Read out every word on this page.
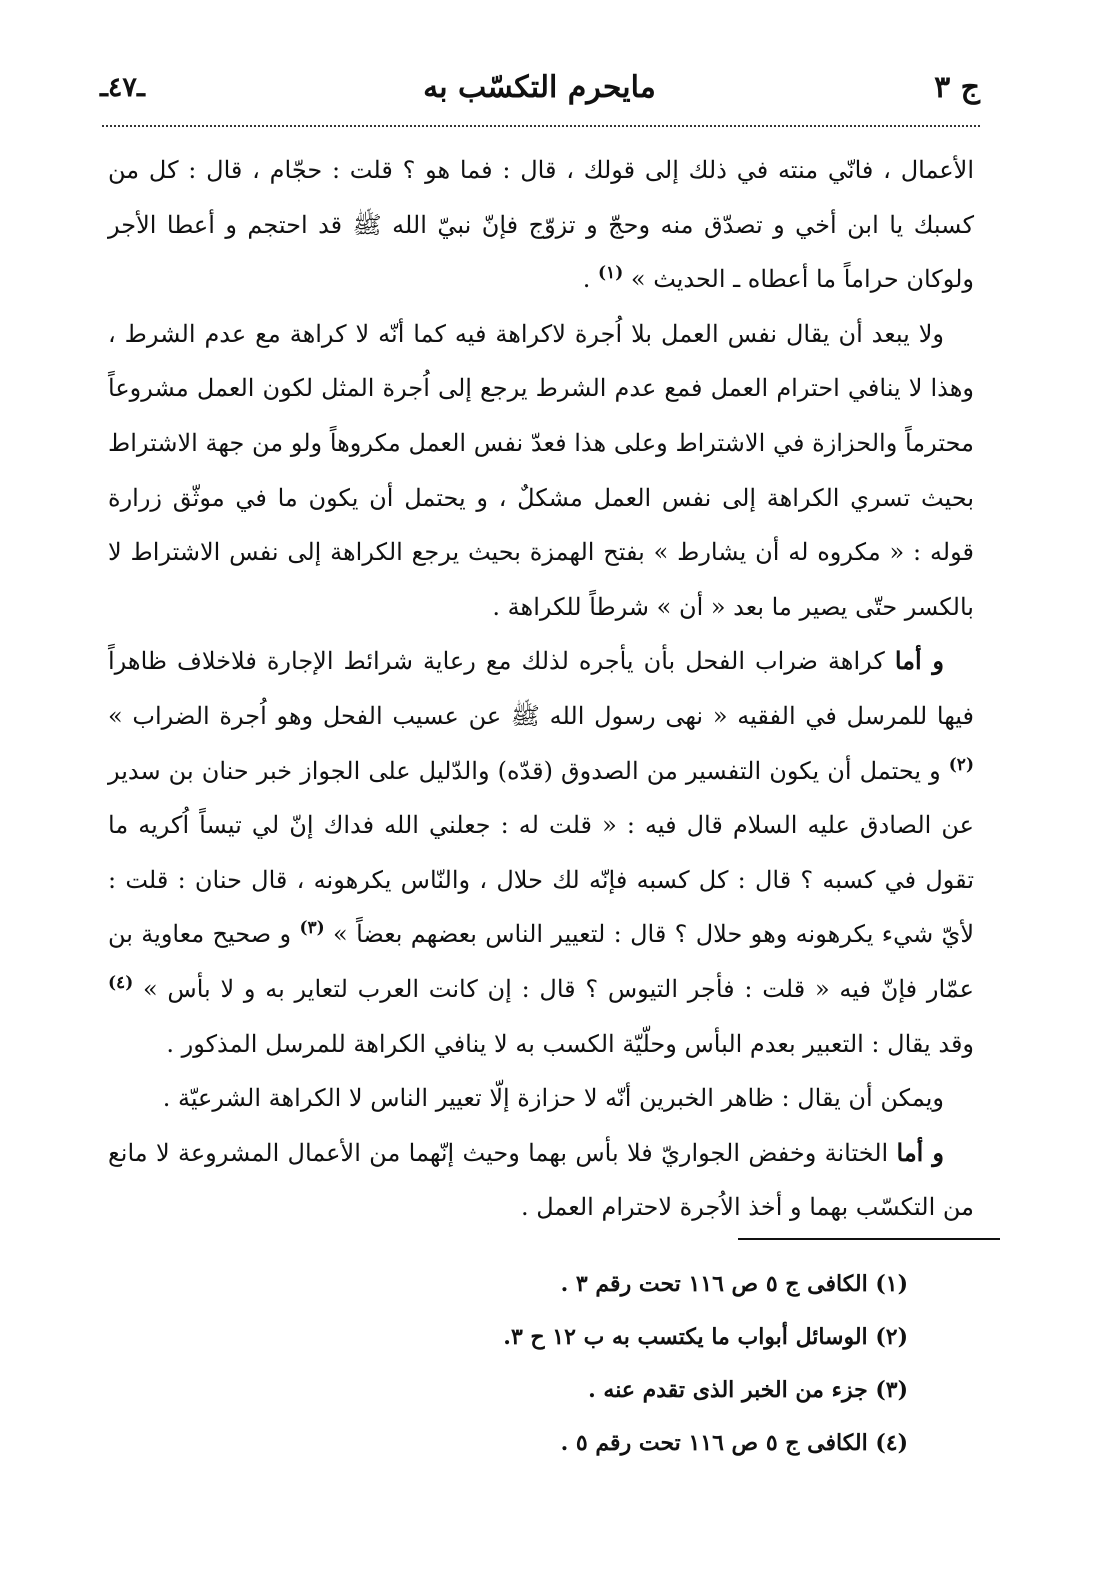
ج ٣
مايحرم التكسّب به
ـ٤٧ـ

الأعمال ، فانّي منته في ذلك إلى قولك ، قال : فما هو ؟ قلت : حجّام ، قال : كل من كسبك يا ابن أخي و تصدّق منه وحجّ و تزوّج فإنّ نبيّ الله ﷺ قد احتجم و أعطا الأجر ولوكان حراماً ما أعطاه ـ الحديث » $^{(١)}$ .

ولا يبعد أن يقال نفس العمل بلا اُجرة لاكراهة فيه كما أنّه لا كراهة مع عدم الشرط ، وهذا لا ينافي احترام العمل فمع عدم الشرط يرجع إلى اُجرة المثل لكون العمل مشروعاً محترماً والحزازة في الاشتراط وعلى هذا فعدّ نفس العمل مكروهاً ولو من جهة الاشتراط بحيث تسري الكراهة إلى نفس العمل مشكلٌ ، و يحتمل أن يكون ما في موثّق زرارة قوله : « مكروه له أن يشارط » بفتح الهمزة بحيث يرجع الكراهة إلى نفس الاشتراط لا بالكسر حتّى يصير ما بعد « أن » شرطاً للكراهة .

و أما كراهة ضراب الفحل بأن يأجره لذلك مع رعاية شرائط الإجارة فلاخلاف ظاهراً فيها للمرسل في الفقيه « نهى رسول الله ﷺ عن عسيب الفحل وهو اُجرة الضراب » $^{(٢)}$ و يحتمل أن يكون التفسير من الصدوق (قدّه) والدّليل على الجواز خبر حنان بن سدير عن الصادق عليه السلام قال فيه : « قلت له : جعلني الله فداك إنّ لي تيساً اُكريه ما تقول في كسبه ؟ قال : كل كسبه فإنّه لك حلال ، والنّاس يكرهونه ، قال حنان : قلت : لأيّ شيء يكرهونه وهو حلال ؟ قال : لتعيير الناس بعضهم بعضاً » $^{(٣)}$ و صحيح معاوية بن عمّار فإنّ فيه « قلت : فأجر التيوس ؟ قال : إن كانت العرب لتعاير به و لا بأس » $^{(٤)}$ وقد يقال : التعبير بعدم البأس وحلّيّة الكسب به لا ينافي الكراهة للمرسل المذكور .

ويمكن أن يقال : ظاهر الخبرين أنّه لا حزازة إلّا تعيير الناس لا الكراهة الشرعيّة .

و أما الختانة وخفض الجواريّ فلا بأس بهما وحيث إنّهما من الأعمال المشروعة لا مانع من التكسّب بهما و أخذ الاُجرة لاحترام العمل .

(١) الكافى ج ٥ ص ١١٦ تحت رقم ٣ .

(٢) الوسائل أبواب ما يكتسب به ب ١٢ ح ٣.

(٣) جزء من الخبر الذى تقدم عنه .

(٤) الكافى ج ٥ ص ١١٦ تحت رقم ٥ .
